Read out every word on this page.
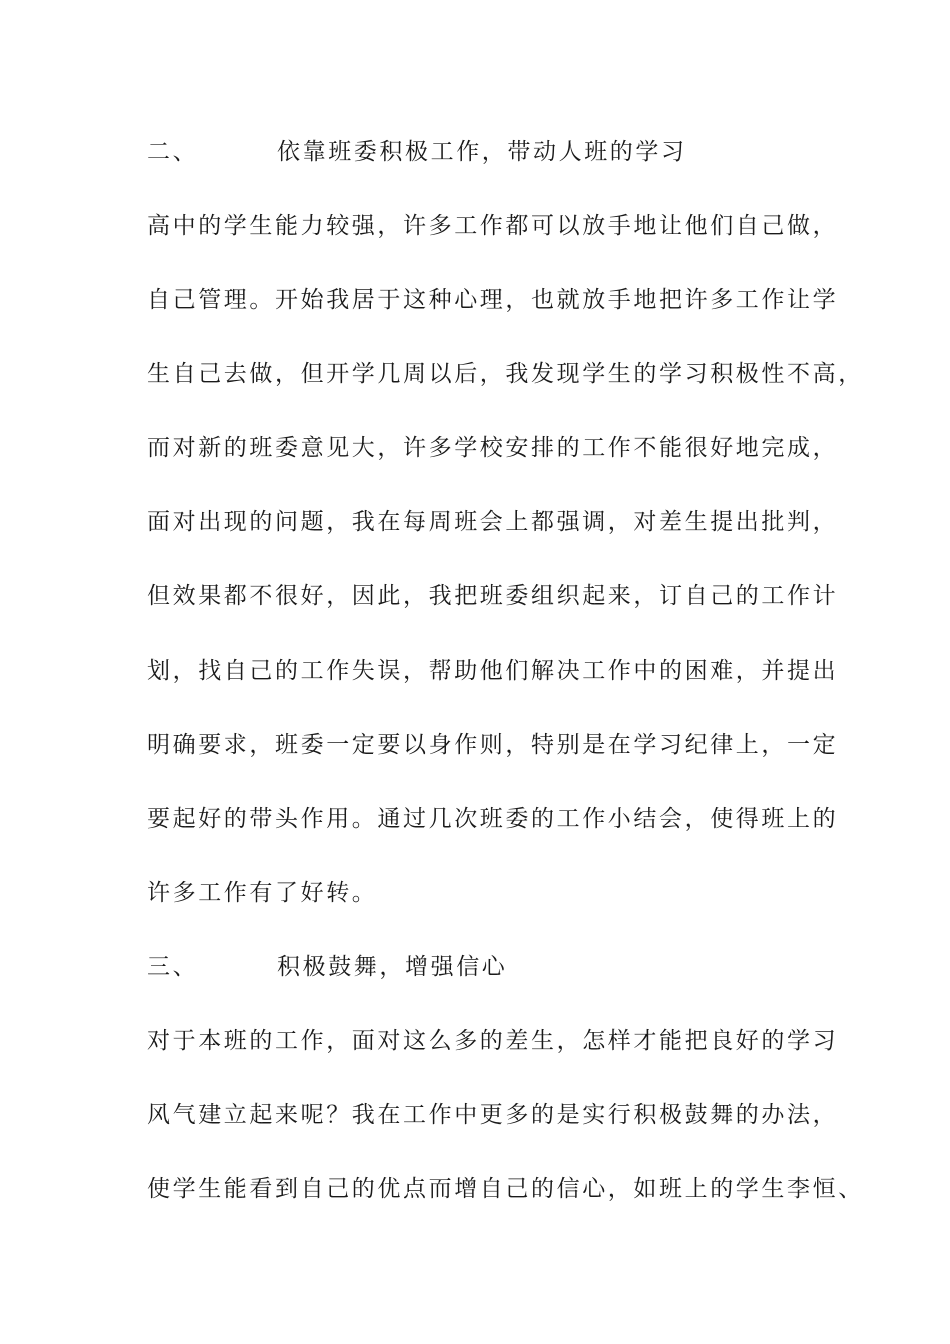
二、	依靠班委积极工作，带动人班的学习
高中的学生能力较强，许多工作都可以放手地让他们自己做，
自己管理。开始我居于这种心理，也就放手地把许多工作让学
生自己去做，但开学几周以后，我发现学生的学习积极性不高，
而对新的班委意见大，许多学校安排的工作不能很好地完成，
面对出现的问题，我在每周班会上都强调，对差生提出批判，
但效果都不很好，因此，我把班委组织起来，订自己的工作计
划，找自己的工作失误，帮助他们解决工作中的困难，并提出
明确要求，班委一定要以身作则，特别是在学习纪律上，一定
要起好的带头作用。通过几次班委的工作小结会，使得班上的
许多工作有了好转。
三、	积极鼓舞，增强信心
对于本班的工作，面对这么多的差生，怎样才能把良好的学习
风气建立起来呢？我在工作中更多的是实行积极鼓舞的办法，
使学生能看到自己的优点而增自己的信心，如班上的学生李恒、
